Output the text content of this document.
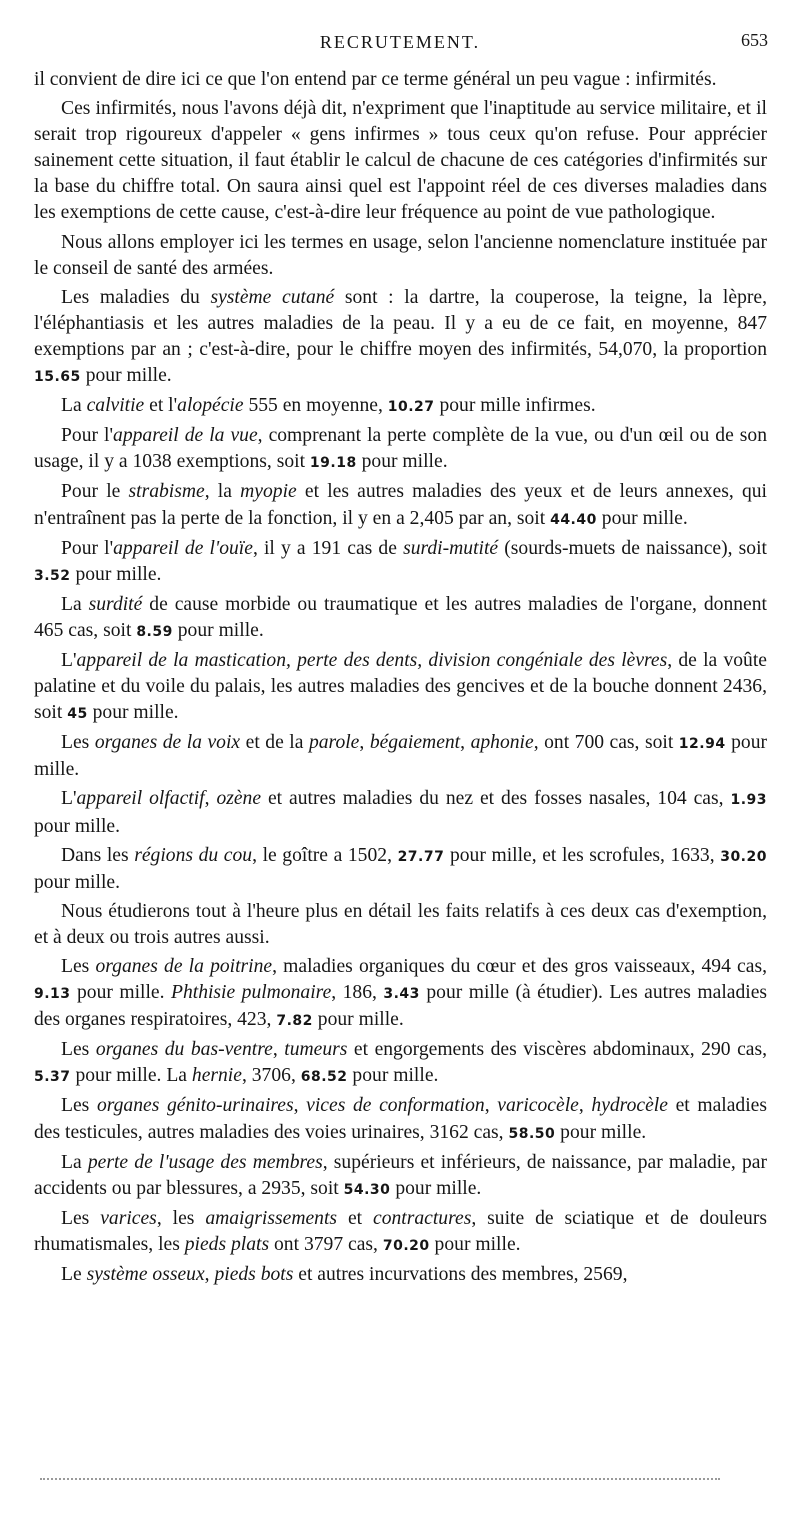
RECRUTEMENT.	653

il convient de dire ici ce que l'on entend par ce terme général un peu vague : infirmités.

Ces infirmités, nous l'avons déjà dit, n'expriment que l'inaptitude au service militaire, et il serait trop rigoureux d'appeler « gens infirmes » tous ceux qu'on refuse. Pour apprécier sainement cette situation, il faut établir le calcul de chacune de ces catégories d'infirmités sur la base du chiffre total. On saura ainsi quel est l'appoint réel de ces diverses maladies dans les exemptions de cette cause, c'est-à-dire leur fréquence au point de vue pathologique.

Nous allons employer ici les termes en usage, selon l'ancienne nomenclature instituée par le conseil de santé des armées.

Les maladies du système cutané sont : la dartre, la couperose, la teigne, la lèpre, l'éléphantiasis et les autres maladies de la peau. Il y a eu de ce fait, en moyenne, 847 exemptions par an ; c'est-à-dire, pour le chiffre moyen des infirmités, 54,070, la proportion 15.65 pour mille.

La calvitie et l'alopécie 555 en moyenne, 10.27 pour mille infirmes.

Pour l'appareil de la vue, comprenant la perte complète de la vue, ou d'un œil ou de son usage, il y a 1038 exemptions, soit 19.18 pour mille.

Pour le strabisme, la myopie et les autres maladies des yeux et de leurs annexes, qui n'entraînent pas la perte de la fonction, il y en a 2,405 par an, soit 44.40 pour mille.

Pour l'appareil de l'ouïe, il y a 191 cas de surdi-mutité (sourds-muets de naissance), soit 3.52 pour mille.

La surdité de cause morbide ou traumatique et les autres maladies de l'organe, donnent 465 cas, soit 8.59 pour mille.

L'appareil de la mastication, perte des dents, division congéniale des lèvres, de la voûte palatine et du voile du palais, les autres maladies des gencives et de la bouche donnent 2436, soit 45 pour mille.

Les organes de la voix et de la parole, bégaiement, aphonie, ont 700 cas, soit 12.94 pour mille.

L'appareil olfactif, ozène et autres maladies du nez et des fosses nasales, 104 cas, 1.93 pour mille.

Dans les régions du cou, le goître a 1502, 27.77 pour mille, et les scrofules, 1633, 30.20 pour mille.

Nous étudierons tout à l'heure plus en détail les faits relatifs à ces deux cas d'exemption, et à deux ou trois autres aussi.

Les organes de la poitrine, maladies organiques du cœur et des gros vaisseaux, 494 cas, 9.13 pour mille. Phthisie pulmonaire, 186, 3.43 pour mille (à étudier). Les autres maladies des organes respiratoires, 423, 7.82 pour mille.

Les organes du bas-ventre, tumeurs et engorgements des viscères abdominaux, 290 cas, 5.37 pour mille. La hernie, 3706, 68.52 pour mille.

Les organes génito-urinaires, vices de conformation, varicocèle, hydrocèle et maladies des testicules, autres maladies des voies urinaires, 3162 cas, 58.50 pour mille.

La perte de l'usage des membres, supérieurs et inférieurs, de naissance, par maladie, par accidents ou par blessures, a 2935, soit 54.30 pour mille.

Les varices, les amaigrissements et contractures, suite de sciatique et de douleurs rhumatismales, les pieds plats ont 3797 cas, 70.20 pour mille.

Le système osseux, pieds bots et autres incurvations des membres, 2569,
